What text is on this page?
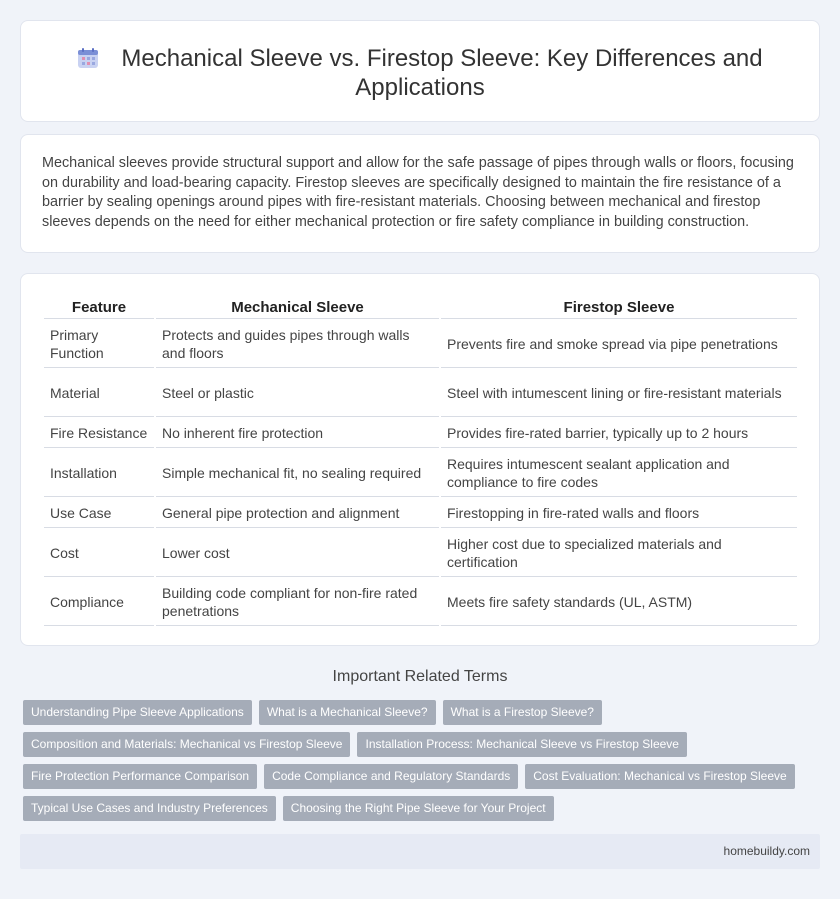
Mechanical Sleeve vs. Firestop Sleeve: Key Differences and Applications

Mechanical sleeves provide structural support and allow for the safe passage of pipes through walls or floors, focusing on durability and load-bearing capacity. Firestop sleeves are specifically designed to maintain the fire resistance of a barrier by sealing openings around pipes with fire-resistant materials. Choosing between mechanical and firestop sleeves depends on the need for either mechanical protection or fire safety compliance in building construction.

Feature	Mechanical Sleeve	Firestop Sleeve
Primary Function	Protects and guides pipes through walls and floors	Prevents fire and smoke spread via pipe penetrations
Material	Steel or plastic	Steel with intumescent lining or fire-resistant materials
Fire Resistance	No inherent fire protection	Provides fire-rated barrier, typically up to 2 hours
Installation	Simple mechanical fit, no sealing required	Requires intumescent sealant application and compliance to fire codes
Use Case	General pipe protection and alignment	Firestopping in fire-rated walls and floors
Cost	Lower cost	Higher cost due to specialized materials and certification
Compliance	Building code compliant for non-fire rated penetrations	Meets fire safety standards (UL, ASTM)
Important Related Terms
Understanding Pipe Sleeve Applications What is a Mechanical Sleeve? What is a Firestop Sleeve?
Composition and Materials: Mechanical vs Firestop Sleeve Installation Process: Mechanical Sleeve vs Firestop Sleeve
Fire Protection Performance Comparison Code Compliance and Regulatory Standards Cost Evaluation: Mechanical vs Firestop Sleeve
Typical Use Cases and Industry Preferences Choosing the Right Pipe Sleeve for Your Project
homebuildy.com
